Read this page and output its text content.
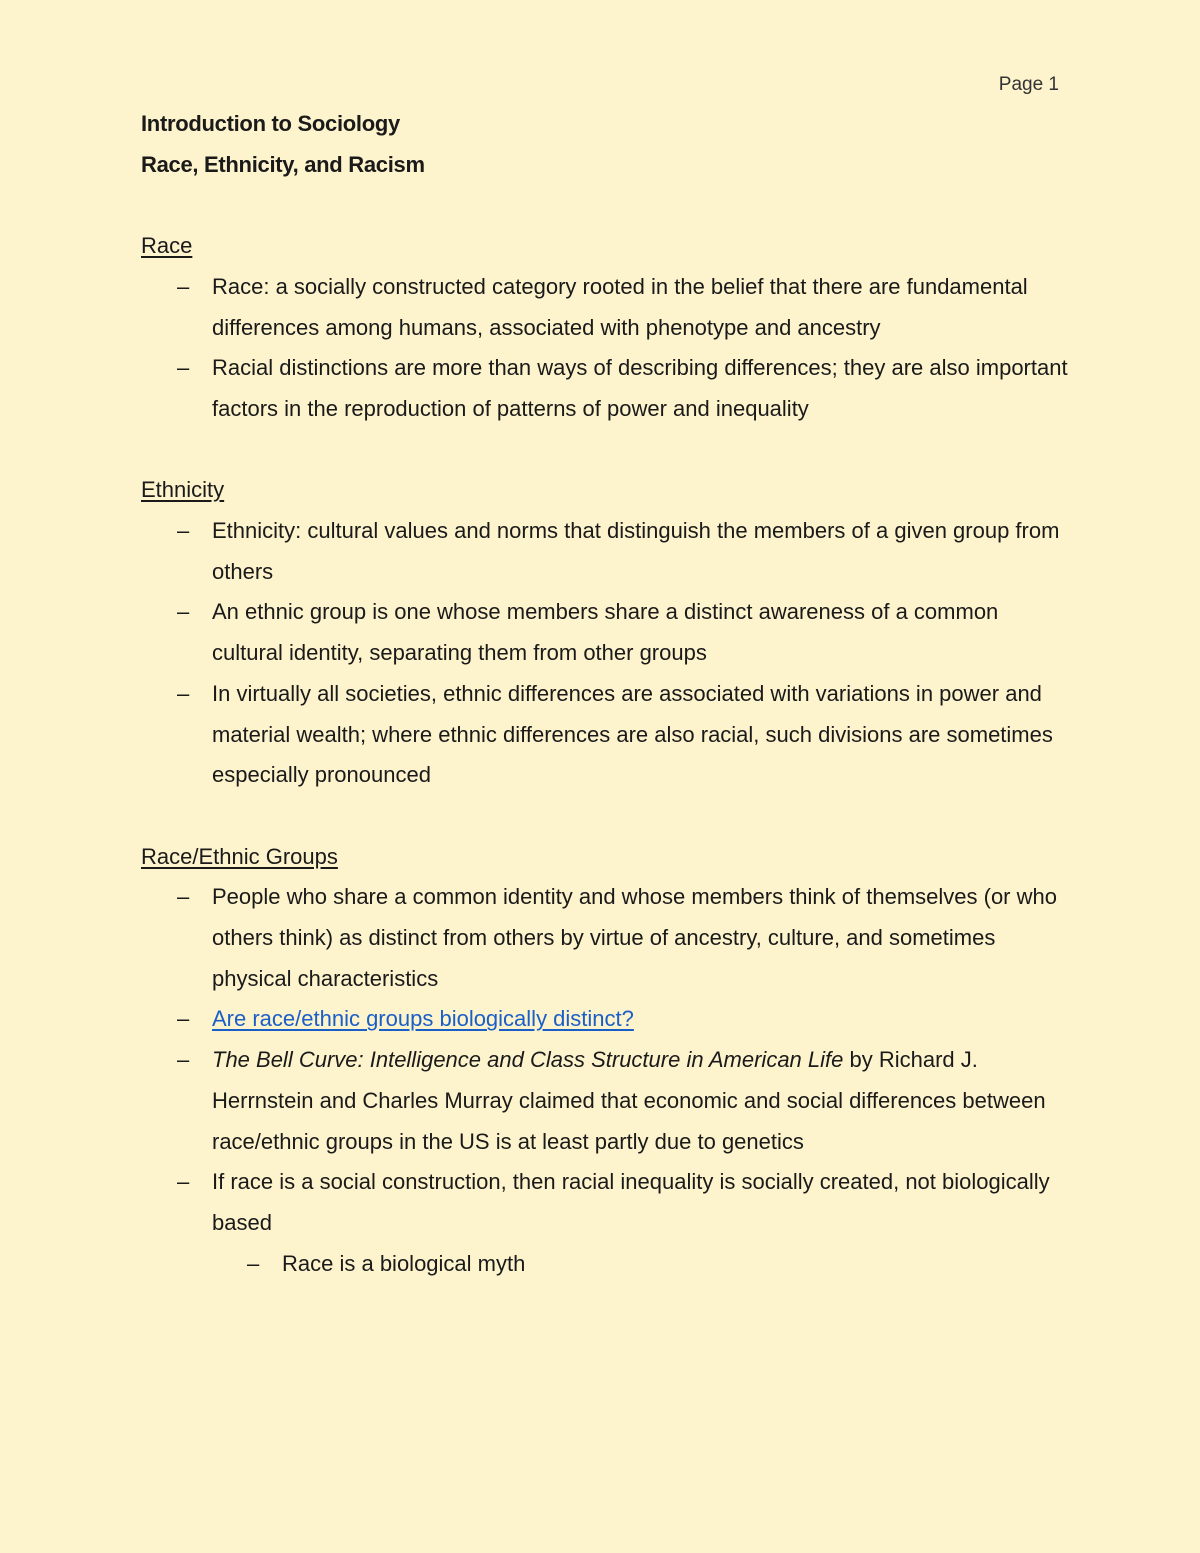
Page 1
Introduction to Sociology
Race, Ethnicity, and Racism
Race
– Race: a socially constructed category rooted in the belief that there are fundamental differences among humans, associated with phenotype and ancestry
– Racial distinctions are more than ways of describing differences; they are also important factors in the reproduction of patterns of power and inequality
Ethnicity
– Ethnicity: cultural values and norms that distinguish the members of a given group from others
– An ethnic group is one whose members share a distinct awareness of a common cultural identity, separating them from other groups
– In virtually all societies, ethnic differences are associated with variations in power and material wealth; where ethnic differences are also racial, such divisions are sometimes especially pronounced
Race/Ethnic Groups
– People who share a common identity and whose members think of themselves (or who others think) as distinct from others by virtue of ancestry, culture, and sometimes physical characteristics
– Are race/ethnic groups biologically distinct?
– The Bell Curve: Intelligence and Class Structure in American Life by Richard J. Herrnstein and Charles Murray claimed that economic and social differences between race/ethnic groups in the US is at least partly due to genetics
– If race is a social construction, then racial inequality is socially created, not biologically based
– Race is a biological myth
